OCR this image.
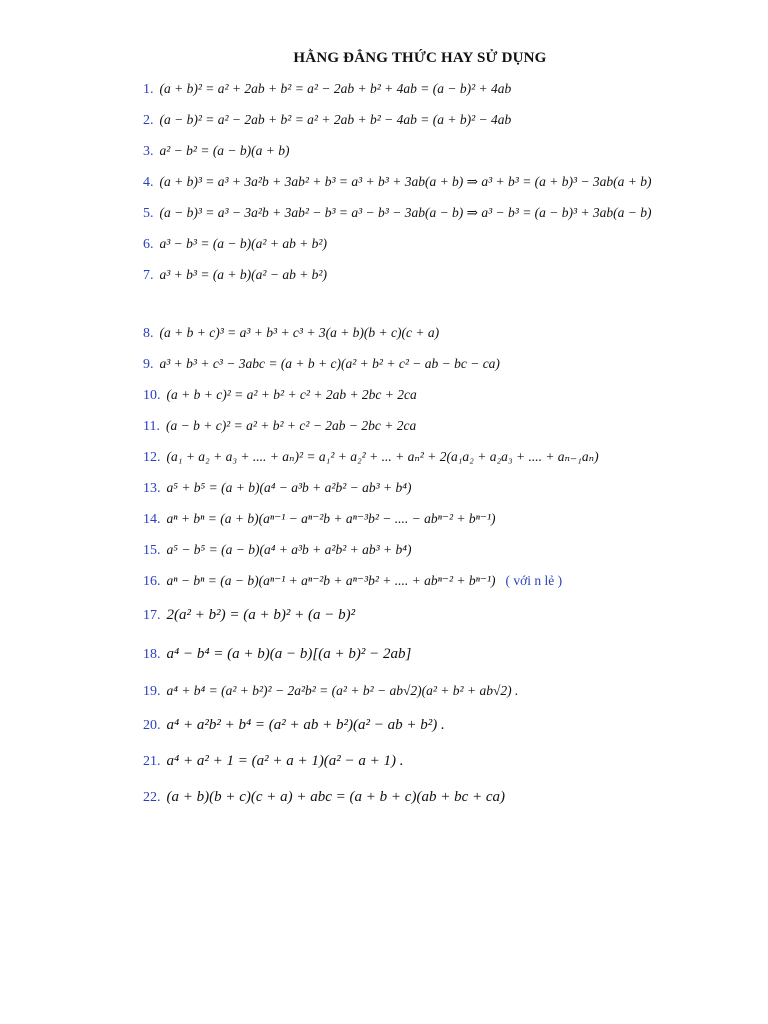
HẰNG ĐẲNG THỨC HAY SỬ DỤNG
1. (a + b)² = a² + 2ab + b² = a² − 2ab + b² + 4ab = (a − b)² + 4ab
2. (a − b)² = a² − 2ab + b² = a² + 2ab + b² − 4ab = (a + b)² − 4ab
3. a² − b² = (a − b)(a + b)
4. (a + b)³ = a³ + 3a²b + 3ab² + b³ = a³ + b³ + 3ab(a + b) ⇒ a³ + b³ = (a + b)³ − 3ab(a + b)
5. (a − b)³ = a³ − 3a²b + 3ab² − b³ = a³ − b³ − 3ab(a − b) ⇒ a³ − b³ = (a − b)³ + 3ab(a − b)
6. a³ − b³ = (a − b)(a² + ab + b²)
7. a³ + b³ = (a + b)(a² − ab + b²)
8. (a + b + c)³ = a³ + b³ + c³ + 3(a + b)(b + c)(c + a)
9. a³ + b³ + c³ − 3abc = (a + b + c)(a² + b² + c² − ab − bc − ca)
10. (a + b + c)² = a² + b² + c² + 2ab + 2bc + 2ca
11. (a − b + c)² = a² + b² + c² − 2ab − 2bc + 2ca
12. (a₁ + a₂ + a₃ + .... + aₙ)² = a₁² + a₂² + ... + aₙ² + 2(a₁a₂ + a₂a₃ + .... + aₙ₋₁aₙ)
13. a⁵ + b⁵ = (a + b)(a⁴ − a³b + a²b² − ab³ + b⁴)
14. aⁿ + bⁿ = (a + b)(aⁿ⁻¹ − aⁿ⁻²b + aⁿ⁻³b² − .... − abⁿ⁻² + bⁿ⁻¹)
15. a⁵ − b⁵ = (a − b)(a⁴ + a³b + a²b² + ab³ + b⁴)
16. aⁿ − bⁿ = (a − b)(aⁿ⁻¹ + aⁿ⁻²b + aⁿ⁻³b² + .... + abⁿ⁻² + bⁿ⁻¹) ( với n lẻ )
17. 2(a² + b²) = (a + b)² + (a − b)²
18. a⁴ − b⁴ = (a + b)(a − b)[(a + b)² − 2ab]
19. a⁴ + b⁴ = (a² + b²)² − 2a²b² = (a² + b² − ab√2)(a² + b² + ab√2) .
20. a⁴ + a²b² + b⁴ = (a² + ab + b²)(a² − ab + b²) .
21. a⁴ + a² + 1 = (a² + a + 1)(a² − a + 1) .
22. (a + b)(b + c)(c + a) + abc = (a + b + c)(ab + bc + ca)
